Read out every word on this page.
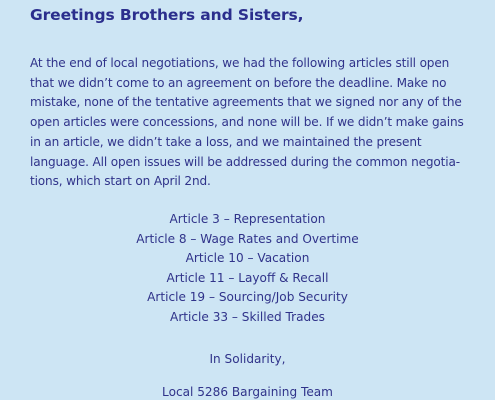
Greetings Brothers and Sisters,

At the end of local negotiations, we had the following articles still open that we didn’t come to an agreement on before the deadline. Make no mistake, none of the tentative agreements that we signed nor any of the open articles were concessions, and none will be. If we didn’t make gains in an article, we didn’t take a loss, and we maintained the present language. All open issues will be addressed during the common negotiations, which start on April 2nd.

Article 3 – Representation
Article 8 – Wage Rates and Overtime
Article 10 – Vacation
Article 11 – Layoff & Recall
Article 19 – Sourcing/Job Security
Article 33 – Skilled Trades
In Solidarity,
Local 5286 Bargaining Team
